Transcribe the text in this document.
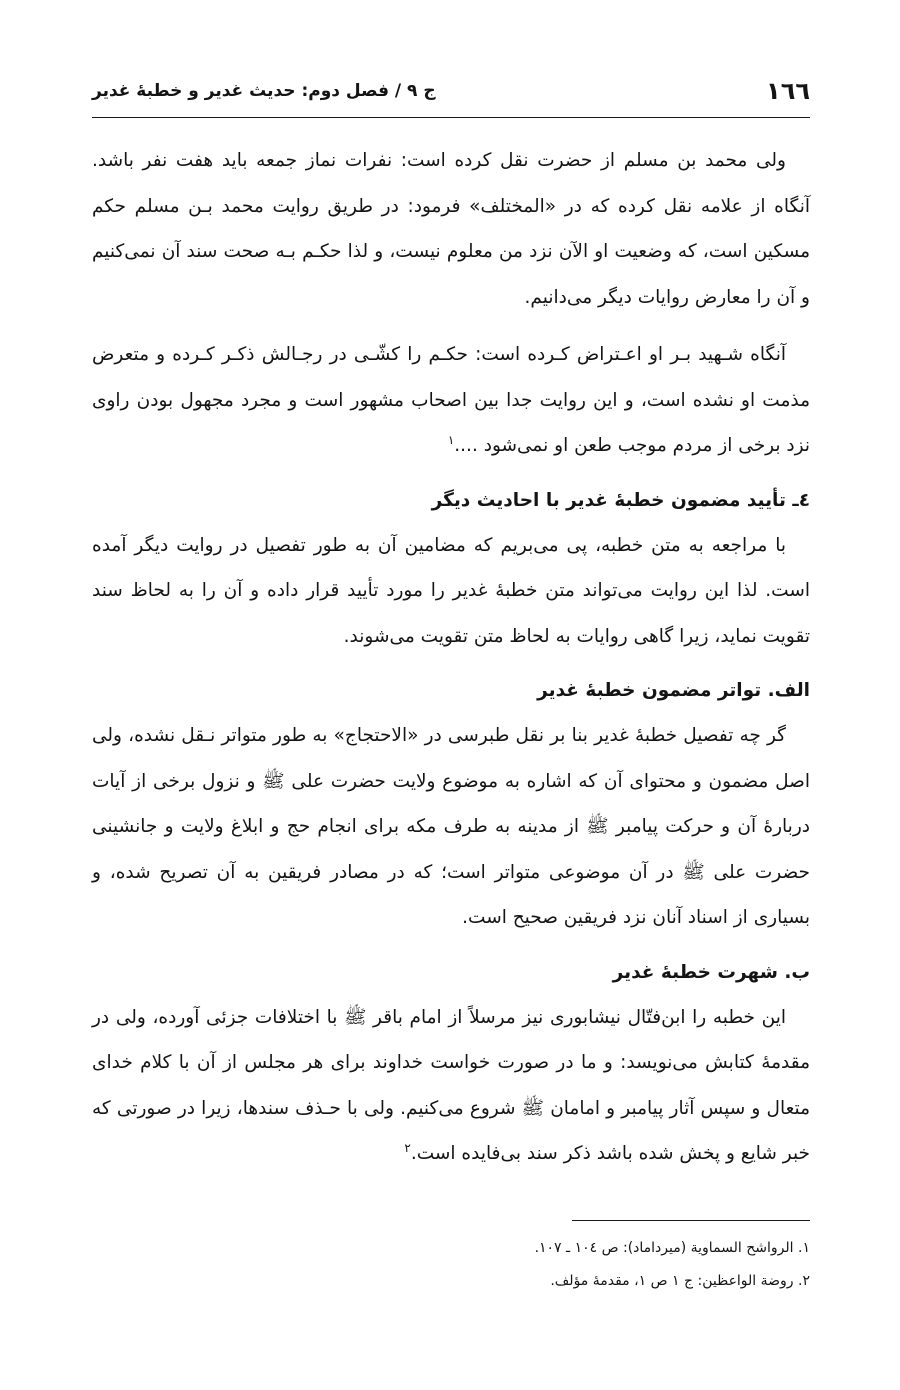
١٦٦
ج ٩ / فصل دوم: حديث غدير و خطبهٔ غدير

ولی محمد بن مسلم از حضرت نقل کرده است: نفرات نماز جمعه باید هفت نفر باشد. آنگاه از علامه نقل کرده که در «المختلف» فرمود: در طریق روایت محمد بـن مسلم حکم مسکین است، که وضعیت او الآن نزد من معلوم نیست، و لذا حکـم بـه صحت سند آن نمی‌کنیم و آن را معارض روایات دیگر می‌دانیم.

آنگاه شـهید بـر او اعـتراض کـرده است: حکـم را کشّـی در رجـالش ذکـر کـرده و متعرض مذمت او نشده است، و این روایت جدا بین اصحاب مشهور است و مجرد مجهول بودن راوی نزد برخی از مردم موجب طعن او نمی‌شود ....$^١$

٤ـ تأیید مضمون خطبهٔ غدیر با احادیث دیگر

با مراجعه به متن خطبه، پی می‌بریم که مضامین آن به طور تفصیل در روایت دیگر آمده است. لذا این روایت می‌تواند متن خطبهٔ غدیر را مورد تأیید قرار داده و آن را به لحاظ سند تقویت نماید، زیرا گاهی روایات به لحاظ متن تقویت می‌شوند.

الف. تواتر مضمون خطبهٔ غدیر

گر چه تفصیل خطبهٔ غدیر بنا بر نقل طبرسی در «الاحتجاج» به طور متواتر نـقل نشده، ولی اصل مضمون و محتوای آن که اشاره به موضوع ولایت حضرت علی ﷺ و نزول برخی از آیات دربارهٔ آن و حرکت پیامبر ﷺ از مدینه به طرف مکه برای انجام حج و ابلاغ ولایت و جانشینی حضرت علی ﷺ در آن موضوعی متواتر است؛ که در مصادر فریقین به آن تصریح شده، و بسیاری از اسناد آنان نزد فریقین صحیح است.

ب. شهرت خطبهٔ غدیر

این خطبه را ابن‌فتّال نیشابوری نیز مرسلاً از امام باقر ﷺ با اختلافات جزئی آورده، ولی در مقدمهٔ کتابش می‌نویسد: و ما در صورت خواست خداوند برای هر مجلس از آن با کلام خدای متعال و سپس آثار پیامبر و امامان ﷺ شروع می‌کنیم. ولی با حـذف سندها، زیرا در صورتی که خبر شایع و پخش شده باشد ذکر سند بی‌فایده است.$^٢$

١. الرواشح السماوية (ميرداماد): ص ١٠٤ ـ ١٠٧.

٢. روضة الواعظين: ج ١ ص ١، مقدمهٔ مؤلف.
